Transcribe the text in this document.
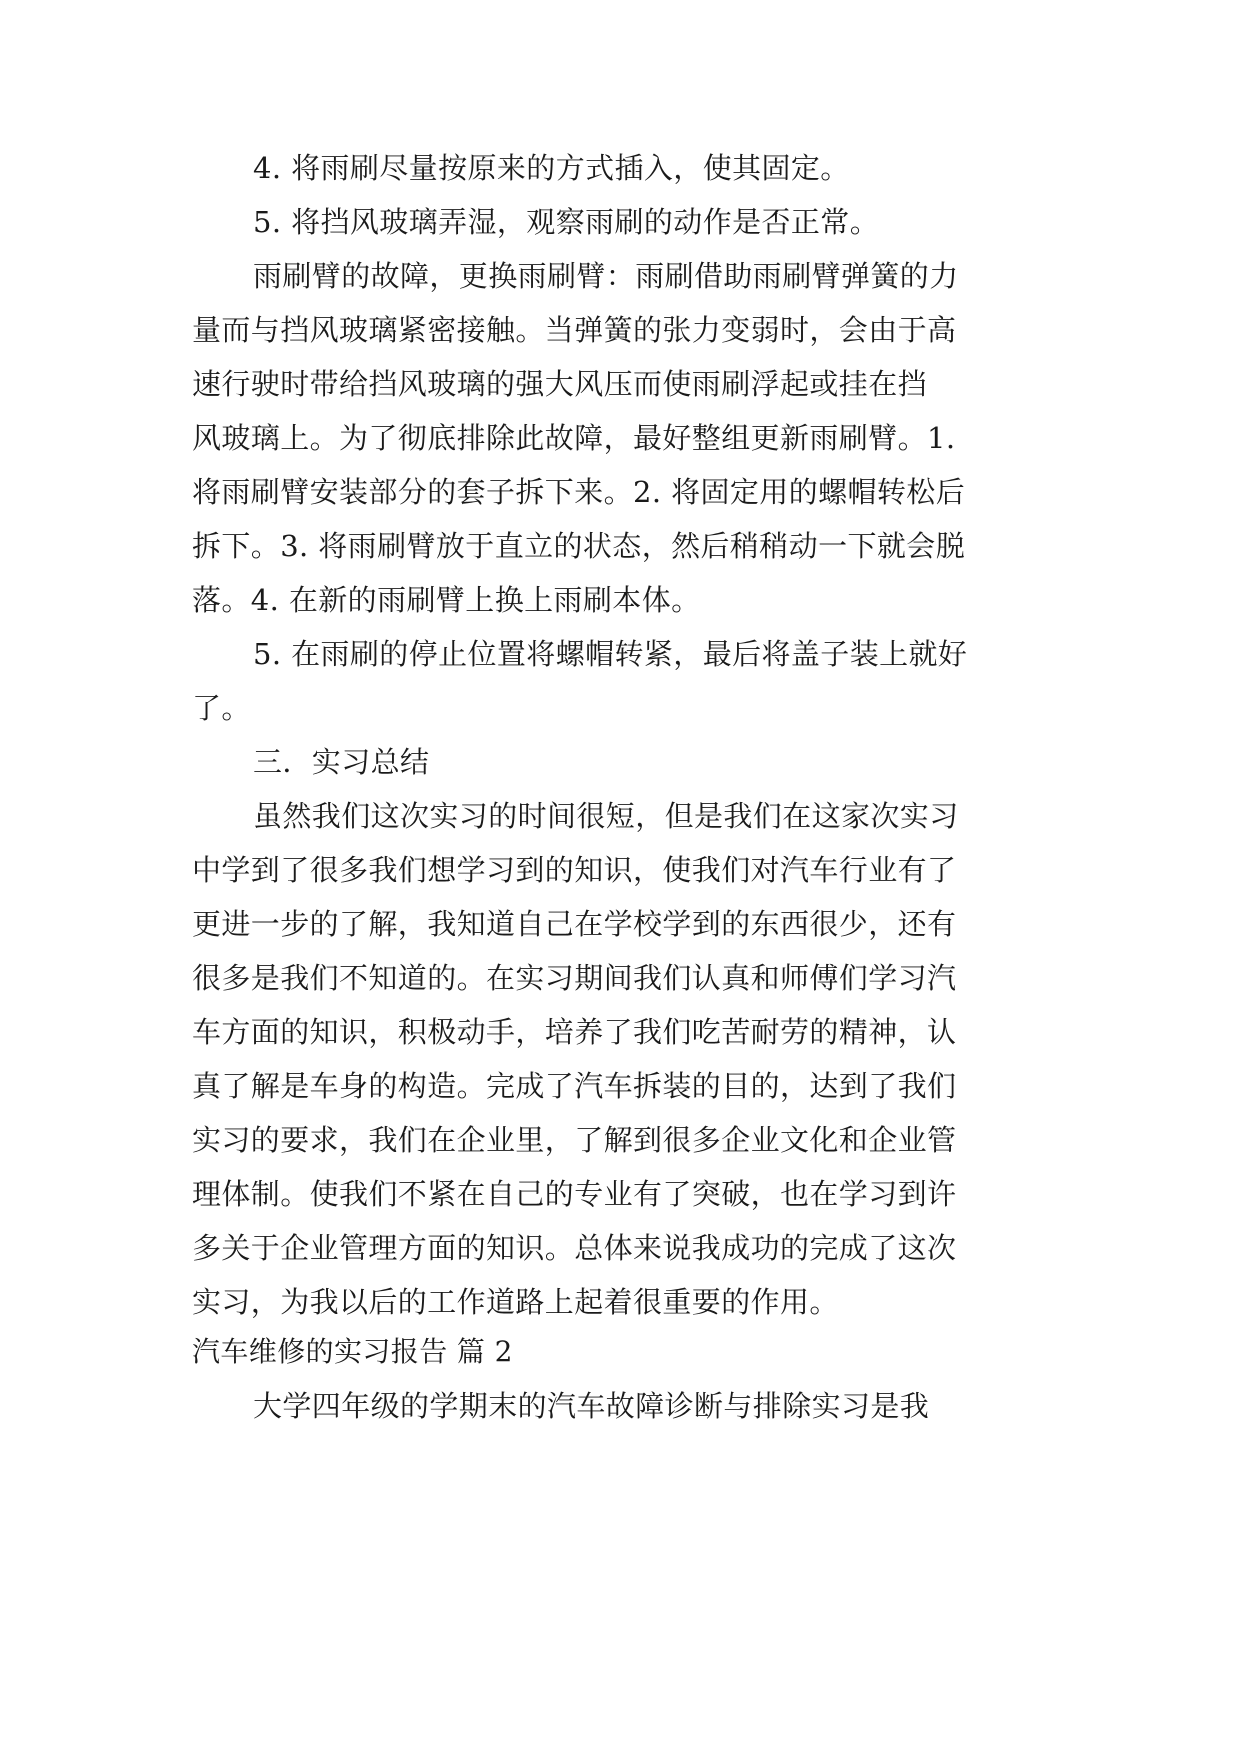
4. 将雨刷尽量按原来的方式插入，使其固定。
5. 将挡风玻璃弄湿，观察雨刷的动作是否正常。
雨刷臂的故障，更换雨刷臂：雨刷借助雨刷臂弹簧的力
量而与挡风玻璃紧密接触。当弹簧的张力变弱时，会由于高
速行驶时带给挡风玻璃的强大风压而使雨刷浮起或挂在挡
风玻璃上。为了彻底排除此故障，最好整组更新雨刷臂。1.
将雨刷臂安装部分的套子拆下来。2. 将固定用的螺帽转松后
拆下。3. 将雨刷臂放于直立的状态，然后稍稍动一下就会脱
落。4. 在新的雨刷臂上换上雨刷本体。
5. 在雨刷的停止位置将螺帽转紧，最后将盖子装上就好
了。
三．实习总结
虽然我们这次实习的时间很短，但是我们在这家次实习
中学到了很多我们想学习到的知识，使我们对汽车行业有了
更进一步的了解，我知道自己在学校学到的东西很少，还有
很多是我们不知道的。在实习期间我们认真和师傅们学习汽
车方面的知识，积极动手，培养了我们吃苦耐劳的精神，认
真了解是车身的构造。完成了汽车拆装的目的，达到了我们
实习的要求，我们在企业里，了解到很多企业文化和企业管
理体制。使我们不紧在自己的专业有了突破，也在学习到许
多关于企业管理方面的知识。总体来说我成功的完成了这次
实习，为我以后的工作道路上起着很重要的作用。
汽车维修的实习报告 篇 2
大学四年级的学期末的汽车故障诊断与排除实习是我
